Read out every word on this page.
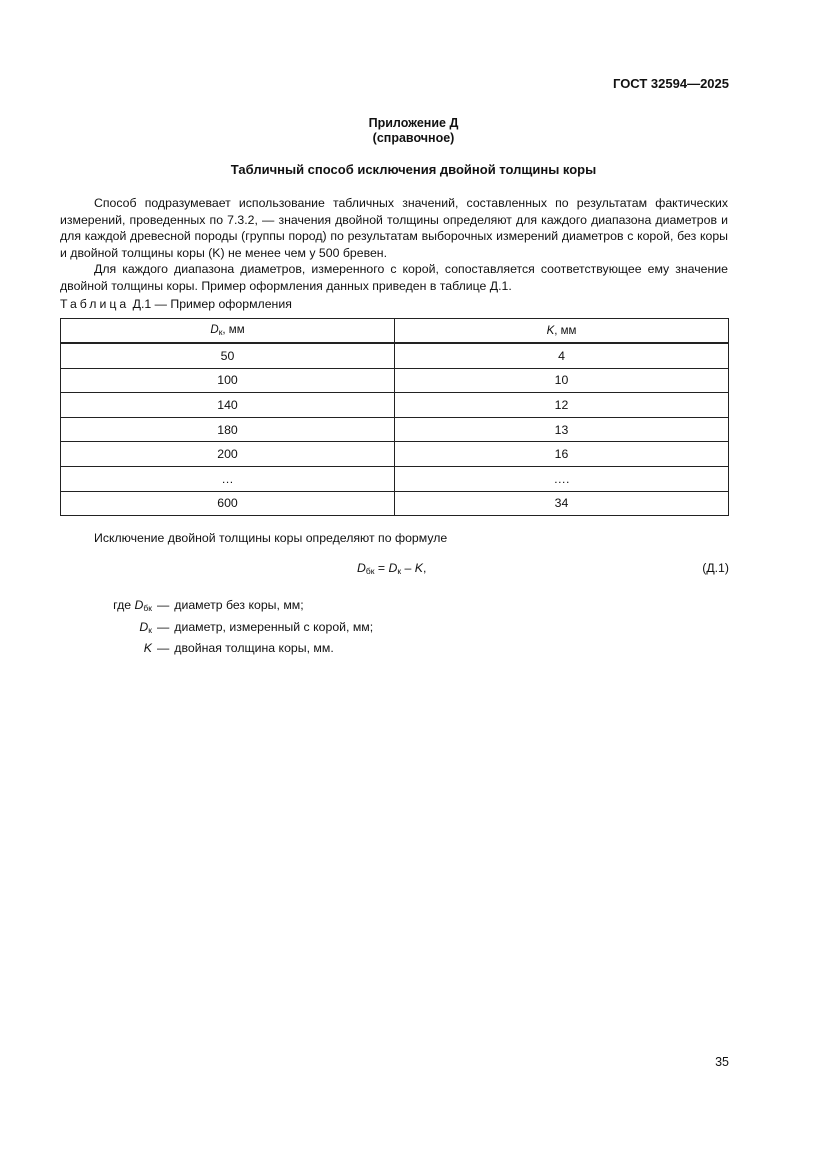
ГОСТ 32594—2025
Приложение Д
(справочное)
Табличный способ исключения двойной толщины коры

Способ подразумевает использование табличных значений, составленных по результатам фактических измерений, проведенных по 7.3.2, — значения двойной толщины определяют для каждого диапазона диаметров и для каждой древесной породы (группы пород) по результатам выборочных измерений диаметров с корой, без коры и двойной толщины коры (K) не менее чем у 500 бревен.

Для каждого диапазона диаметров, измеренного с корой, сопоставляется соответствующее ему значение двойной толщины коры. Пример оформления данных приведен в таблице Д.1.

Таблица Д.1 — Пример оформления
$D_к$, мм	K, мм
50	4
100	10
140	12
180	13
200	16
…	….
600	34
Исключение двойной толщины коры определяют по формуле
$D_{бк} = D_к - K$,	(Д.1)
где $D_{бк}$ — диаметр без коры, мм;
$D_к$ — диаметр, измеренный с корой, мм;
K — двойная толщина коры, мм.
35
